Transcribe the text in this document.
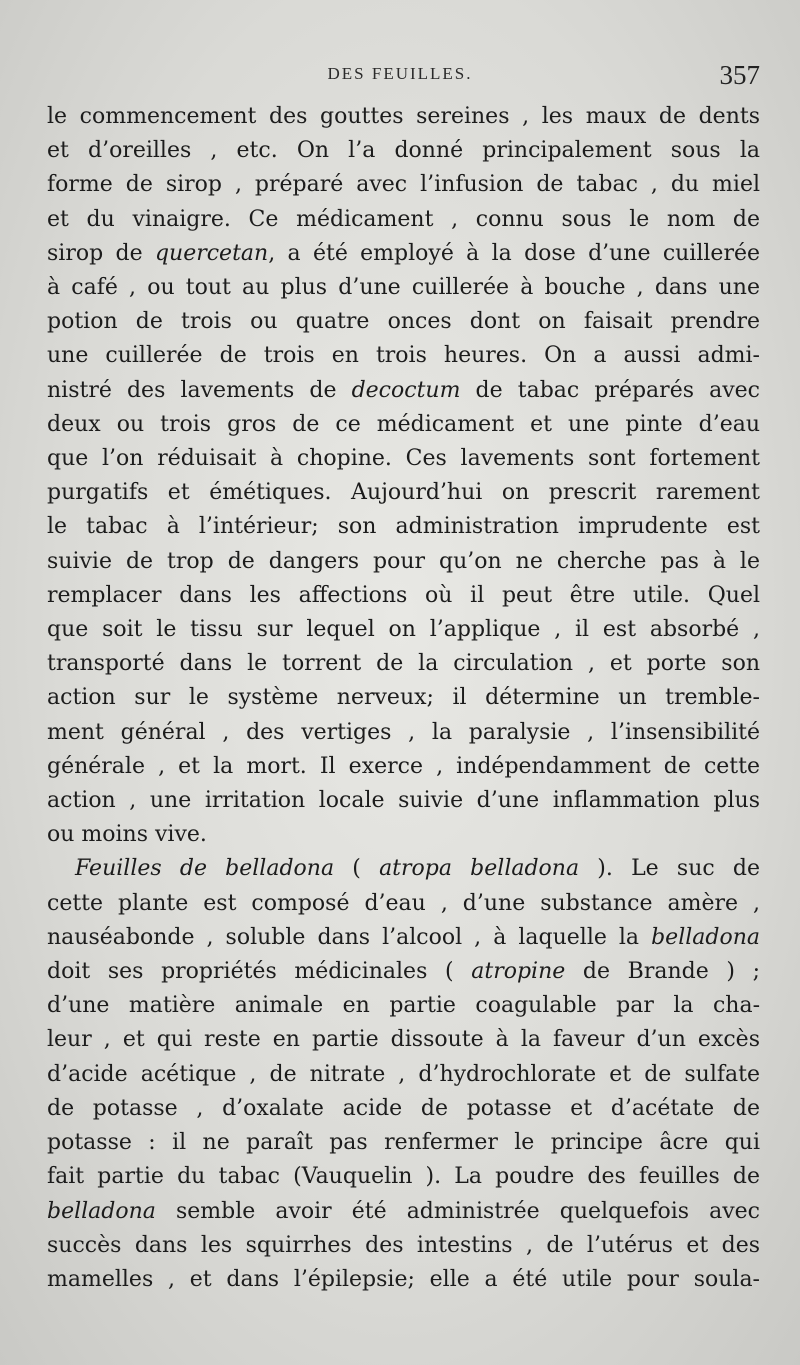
DES FEUILLES.	357
le commencement des gouttes sereines , les maux de dents
et d’oreilles , etc. On l’a donné principalement sous la
forme de sirop , préparé avec l’infusion de tabac , du miel
et du vinaigre. Ce médicament , connu sous le nom de
sirop de quercetan, a été employé à la dose d’une cuillerée
à café , ou tout au plus d’une cuillerée à bouche , dans une
potion de trois ou quatre onces dont on faisait prendre
une cuillerée de trois en trois heures. On a aussi admi-
nistré des lavements de decoctum de tabac préparés avec
deux ou trois gros de ce médicament et une pinte d’eau
que l’on réduisait à chopine. Ces lavements sont fortement
purgatifs et émétiques. Aujourd’hui on prescrit rarement
le tabac à l’intérieur; son administration imprudente est
suivie de trop de dangers pour qu’on ne cherche pas à le
remplacer dans les affections où il peut être utile. Quel
que soit le tissu sur lequel on l’applique , il est absorbé ,
transporté dans le torrent de la circulation , et porte son
action sur le système nerveux; il détermine un tremble-
ment général , des vertiges , la paralysie , l’insensibilité
générale , et la mort. Il exerce , indépendamment de cette
action , une irritation locale suivie d’une inflammation plus
ou moins vive.
Feuilles de belladona ( atropa belladona ). Le suc de
cette plante est composé d’eau , d’une substance amère ,
nauséabonde , soluble dans l’alcool , à laquelle la belladona
doit ses propriétés médicinales ( atropine de Brande ) ;
d’une matière animale en partie coagulable par la cha-
leur , et qui reste en partie dissoute à la faveur d’un excès
d’acide acétique , de nitrate , d’hydrochlorate et de sulfate
de potasse , d’oxalate acide de potasse et d’acétate de
potasse : il ne paraît pas renfermer le principe âcre qui
fait partie du tabac (Vauquelin ). La poudre des feuilles de
belladona semble avoir été administrée quelquefois avec
succès dans les squirrhes des intestins , de l’utérus et des
mamelles , et dans l’épilepsie; elle a été utile pour soula-
